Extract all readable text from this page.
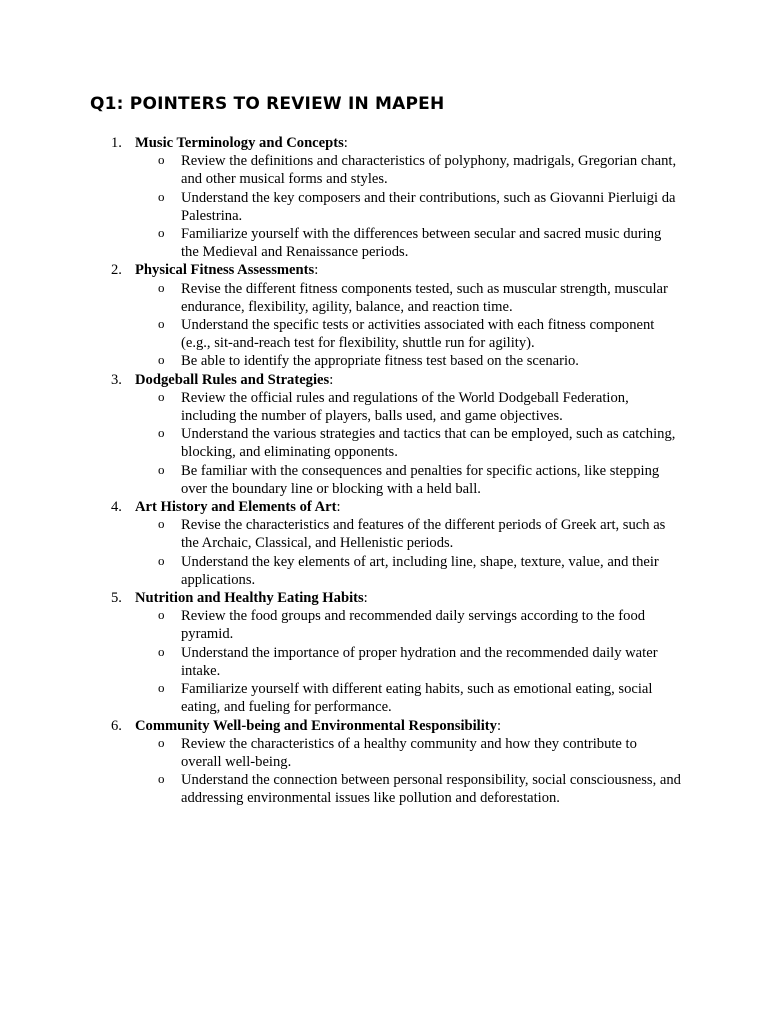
Q1: POINTERS TO REVIEW IN MAPEH
1. Music Terminology and Concepts:
o Review the definitions and characteristics of polyphony, madrigals, Gregorian chant, and other musical forms and styles.
o Understand the key composers and their contributions, such as Giovanni Pierluigi da Palestrina.
o Familiarize yourself with the differences between secular and sacred music during the Medieval and Renaissance periods.
2. Physical Fitness Assessments:
o Revise the different fitness components tested, such as muscular strength, muscular endurance, flexibility, agility, balance, and reaction time.
o Understand the specific tests or activities associated with each fitness component (e.g., sit-and-reach test for flexibility, shuttle run for agility).
o Be able to identify the appropriate fitness test based on the scenario.
3. Dodgeball Rules and Strategies:
o Review the official rules and regulations of the World Dodgeball Federation, including the number of players, balls used, and game objectives.
o Understand the various strategies and tactics that can be employed, such as catching, blocking, and eliminating opponents.
o Be familiar with the consequences and penalties for specific actions, like stepping over the boundary line or blocking with a held ball.
4. Art History and Elements of Art:
o Revise the characteristics and features of the different periods of Greek art, such as the Archaic, Classical, and Hellenistic periods.
o Understand the key elements of art, including line, shape, texture, value, and their applications.
5. Nutrition and Healthy Eating Habits:
o Review the food groups and recommended daily servings according to the food pyramid.
o Understand the importance of proper hydration and the recommended daily water intake.
o Familiarize yourself with different eating habits, such as emotional eating, social eating, and fueling for performance.
6. Community Well-being and Environmental Responsibility:
o Review the characteristics of a healthy community and how they contribute to overall well-being.
o Understand the connection between personal responsibility, social consciousness, and addressing environmental issues like pollution and deforestation.
